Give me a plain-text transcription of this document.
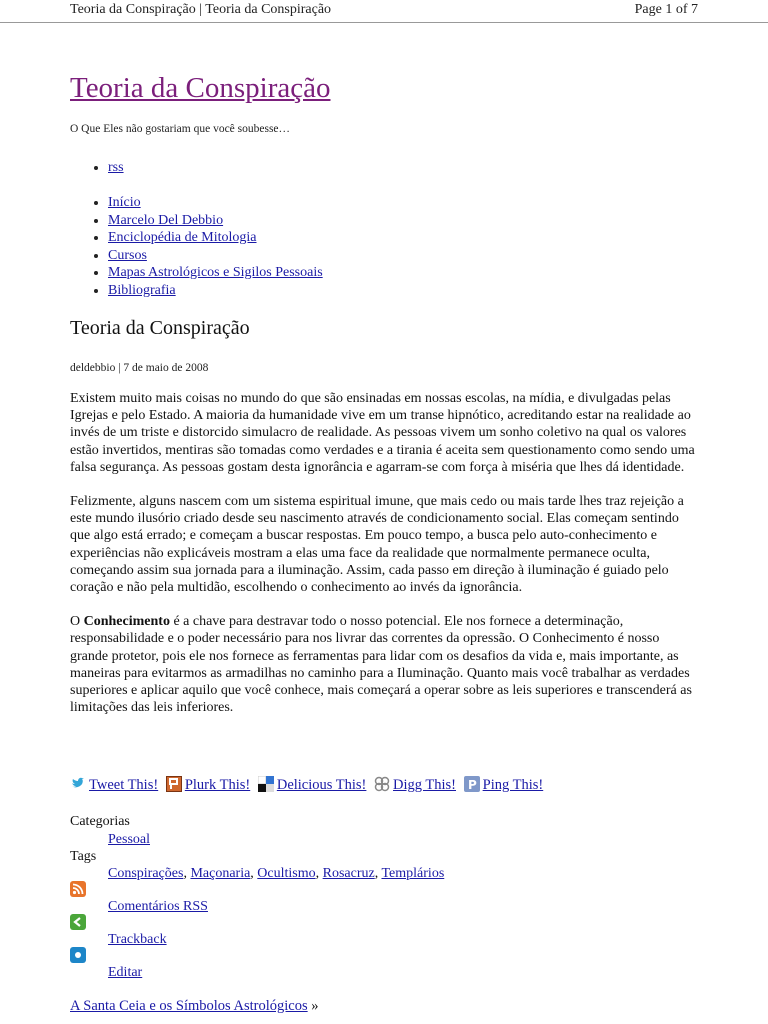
Teoria da Conspiração | Teoria da Conspiração	Page 1 of 7
Teoria da Conspiração
O Que Eles não gostariam que você soubesse…
• rss
• Início
• Marcelo Del Debbio
• Enciclopédia de Mitologia
• Cursos
• Mapas Astrológicos e Sigilos Pessoais
• Bibliografia
Teoria da Conspiração
deldebbio | 7 de maio de 2008

Existem muito mais coisas no mundo do que são ensinadas em nossas escolas, na mídia, e divulgadas pelas Igrejas e pelo Estado. A maioria da humanidade vive em um transe hipnótico, acreditando estar na realidade ao invés de um triste e distorcido simulacro de realidade. As pessoas vivem um sonho coletivo na qual os valores estão invertidos, mentiras são tomadas como verdades e a tirania é aceita sem questionamento como sendo uma falsa segurança. As pessoas gostam desta ignorância e agarram-se com força à miséria que lhes dá identidade.

Felizmente, alguns nascem com um sistema espiritual imune, que mais cedo ou mais tarde lhes traz rejeição a este mundo ilusório criado desde seu nascimento através de condicionamento social. Elas começam sentindo que algo está errado; e começam a buscar respostas. Em pouco tempo, a busca pelo auto-conhecimento e experiências não explicáveis mostram a elas uma face da realidade que normalmente permanece oculta, começando assim sua jornada para a iluminação. Assim, cada passo em direção à iluminação é guiado pelo coração e não pela multidão, escolhendo o conhecimento ao invés da ignorância.

O Conhecimento é a chave para destravar todo o nosso potencial. Ele nos fornece a determinação, responsabilidade e o poder necessário para nos livrar das correntes da opressão. O Conhecimento é nosso grande protetor, pois ele nos fornece as ferramentas para lidar com os desafios da vida e, mais importante, as maneiras para evitarmos as armadilhas no caminho para a Iluminação. Quanto mais você trabalhar as verdades superiores e aplicar aquilo que você conhece, mais começará a operar sobre as leis superiores e transcenderá as limitações das leis inferiores.

Tweet This! Plurk This! Delicious This! Digg This! P Ping This!
Categorias
Pessoal
Tags
Conspirações, Maçonaria, Ocultismo, Rosacruz, Templários
Comentários RSS
Trackback
Editar
A Santa Ceia e os Símbolos Astrológicos »
